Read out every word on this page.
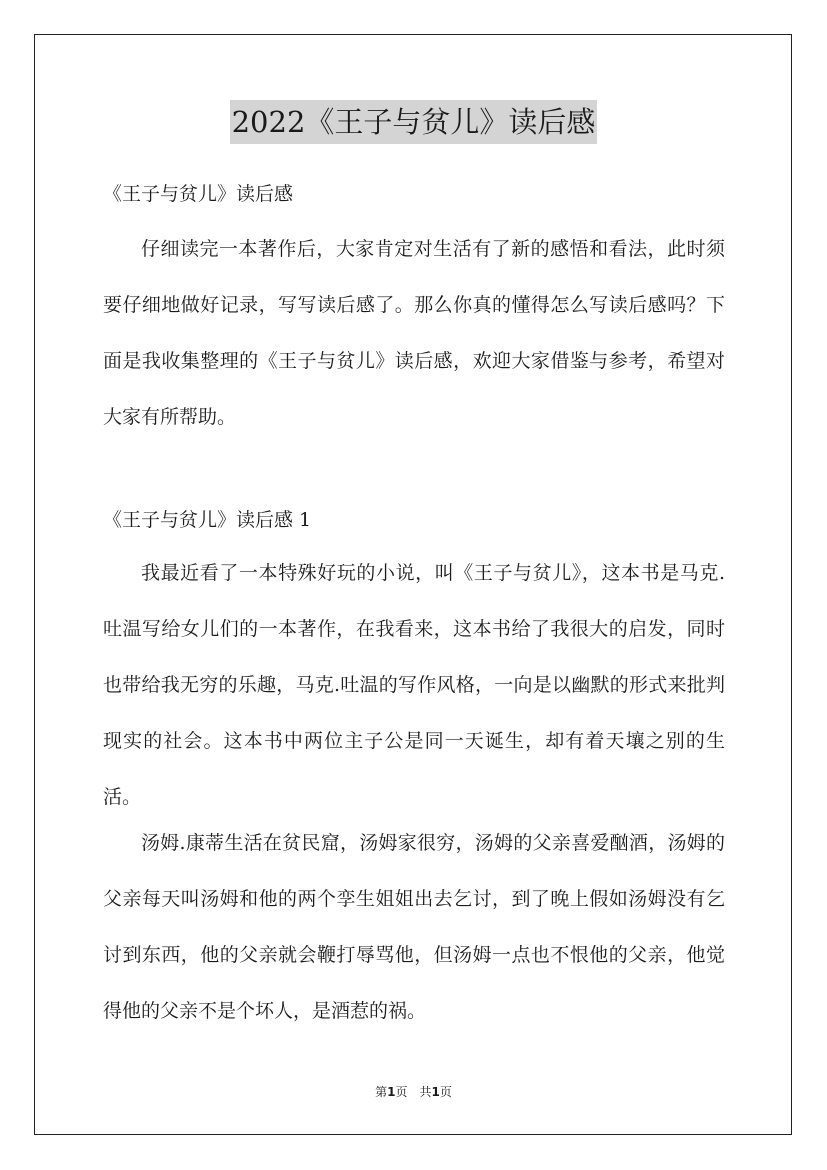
2022《王子与贫儿》读后感

《王子与贫儿》读后感

仔细读完一本著作后，大家肯定对生活有了新的感悟和看法，此时须要仔细地做好记录，写写读后感了。那么你真的懂得怎么写读后感吗？下面是我收集整理的《王子与贫儿》读后感，欢迎大家借鉴与参考，希望对大家有所帮助。

《王子与贫儿》读后感 1

我最近看了一本特殊好玩的小说，叫《王子与贫儿》，这本书是马克.吐温写给女儿们的一本著作，在我看来，这本书给了我很大的启发，同时也带给我无穷的乐趣，马克.吐温的写作风格，一向是以幽默的形式来批判现实的社会。这本书中两位主子公是同一天诞生，却有着天壤之别的生活。

汤姆.康蒂生活在贫民窟，汤姆家很穷，汤姆的父亲喜爱酗酒，汤姆的父亲每天叫汤姆和他的两个孪生姐姐出去乞讨，到了晚上假如汤姆没有乞讨到东西，他的父亲就会鞭打辱骂他，但汤姆一点也不恨他的父亲，他觉得他的父亲不是个坏人，是酒惹的祸。

第1页　共1页
